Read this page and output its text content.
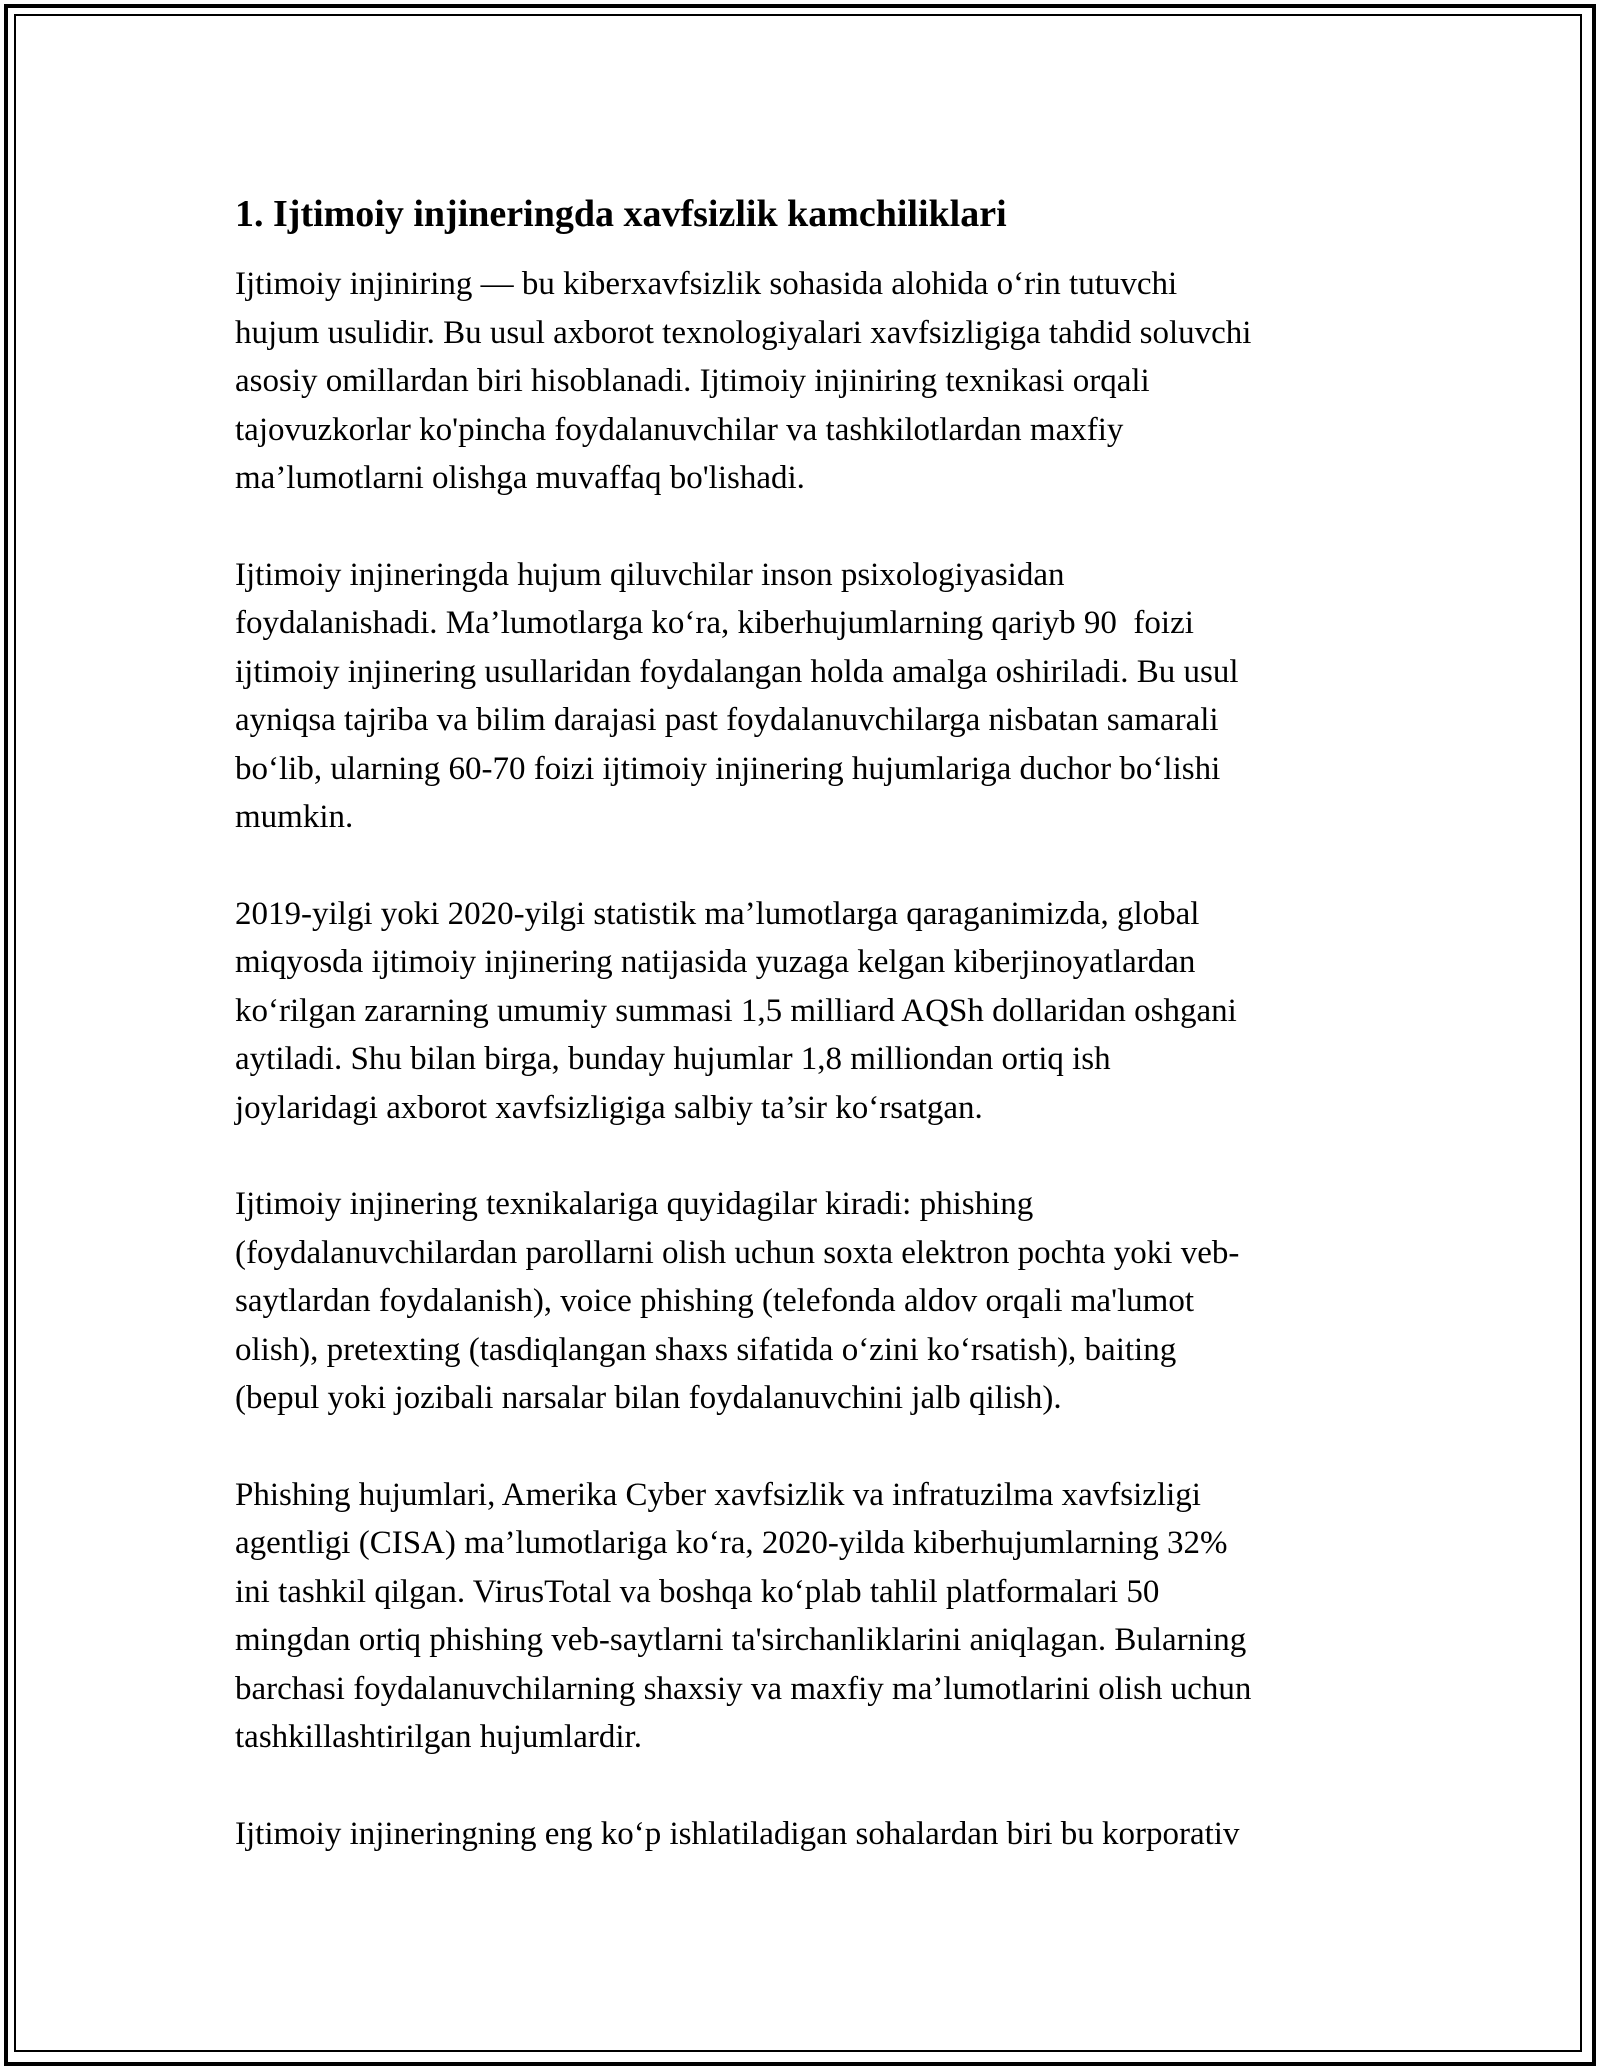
1. Ijtimoiy injineringda xavfsizlik kamchiliklari

Ijtimoiy injiniring — bu kiberxavfsizlik sohasida alohida oʻrin tutuvchi
hujum usulidir. Bu usul axborot texnologiyalari xavfsizligiga tahdid soluvchi
asosiy omillardan biri hisoblanadi. Ijtimoiy injiniring texnikasi orqali
tajovuzkorlar ko'pincha foydalanuvchilar va tashkilotlardan maxfiy
ma’lumotlarni olishga muvaffaq bo'lishadi.

Ijtimoiy injineringda hujum qiluvchilar inson psixologiyasidan
foydalanishadi. Ma’lumotlarga koʻra, kiberhujumlarning qariyb 90  foizi
ijtimoiy injinering usullaridan foydalangan holda amalga oshiriladi. Bu usul
ayniqsa tajriba va bilim darajasi past foydalanuvchilarga nisbatan samarali
boʻlib, ularning 60-70 foizi ijtimoiy injinering hujumlariga duchor boʻlishi
mumkin.

2019-yilgi yoki 2020-yilgi statistik ma’lumotlarga qaraganimizda, global
miqyosda ijtimoiy injinering natijasida yuzaga kelgan kiberjinoyatlardan
koʻrilgan zararning umumiy summasi 1,5 milliard AQSh dollaridan oshgani
aytiladi. Shu bilan birga, bunday hujumlar 1,8 milliondan ortiq ish
joylaridagi axborot xavfsizligiga salbiy ta’sir koʻrsatgan.

Ijtimoiy injinering texnikalariga quyidagilar kiradi: phishing
(foydalanuvchilardan parollarni olish uchun soxta elektron pochta yoki veb-
saytlardan foydalanish), voice phishing (telefonda aldov orqali ma'lumot
olish), pretexting (tasdiqlangan shaxs sifatida oʻzini koʻrsatish), baiting
(bepul yoki jozibali narsalar bilan foydalanuvchini jalb qilish).

Phishing hujumlari, Amerika Cyber xavfsizlik va infratuzilma xavfsizligi
agentligi (CISA) ma’lumotlariga koʻra, 2020-yilda kiberhujumlarning 32%
ini tashkil qilgan. VirusTotal va boshqa koʻplab tahlil platformalari 50
mingdan ortiq phishing veb-saytlarni ta'sirchanliklarini aniqlagan. Bularning
barchasi foydalanuvchilarning shaxsiy va maxfiy ma’lumotlarini olish uchun
tashkillashtirilgan hujumlardir.

Ijtimoiy injineringning eng koʻp ishlatiladigan sohalardan biri bu korporativ
